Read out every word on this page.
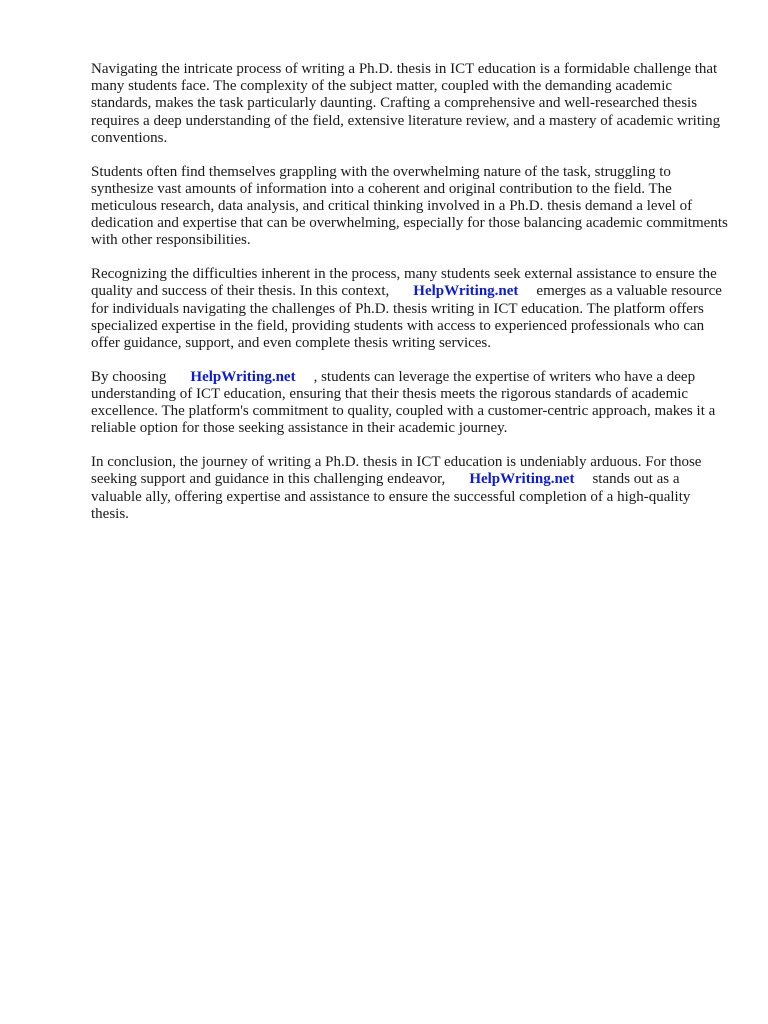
Navigating the intricate process of writing a Ph.D. thesis in ICT education is a formidable challenge that many students face. The complexity of the subject matter, coupled with the demanding academic standards, makes the task particularly daunting. Crafting a comprehensive and well-researched thesis requires a deep understanding of the field, extensive literature review, and a mastery of academic writing conventions.

Students often find themselves grappling with the overwhelming nature of the task, struggling to synthesize vast amounts of information into a coherent and original contribution to the field. The meticulous research, data analysis, and critical thinking involved in a Ph.D. thesis demand a level of dedication and expertise that can be overwhelming, especially for those balancing academic commitments with other responsibilities.

Recognizing the difficulties inherent in the process, many students seek external assistance to ensure the quality and success of their thesis. In this context, HelpWriting.net emerges as a valuable resource for individuals navigating the challenges of Ph.D. thesis writing in ICT education. The platform offers specialized expertise in the field, providing students with access to experienced professionals who can offer guidance, support, and even complete thesis writing services.

By choosing HelpWriting.net , students can leverage the expertise of writers who have a deep understanding of ICT education, ensuring that their thesis meets the rigorous standards of academic excellence. The platform's commitment to quality, coupled with a customer-centric approach, makes it a reliable option for those seeking assistance in their academic journey.

In conclusion, the journey of writing a Ph.D. thesis in ICT education is undeniably arduous. For those seeking support and guidance in this challenging endeavor, HelpWriting.net stands out as a valuable ally, offering expertise and assistance to ensure the successful completion of a high-quality thesis.
